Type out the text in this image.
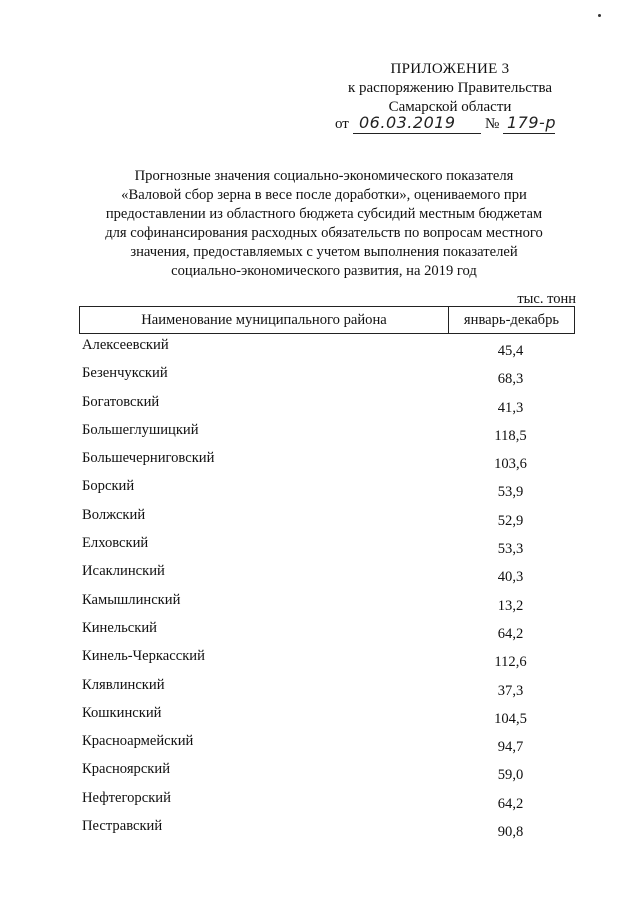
ПРИЛОЖЕНИЕ 3
к распоряжению Правительства
Самарской области
от 06.03.2019 № 179-р
Прогнозные значения социально-экономического показателя
«Валовой сбор зерна в весе после доработки», оцениваемого при
предоставлении из областного бюджета субсидий местным бюджетам
для софинансирования расходных обязательств по вопросам местного
значения, предоставляемых с учетом выполнения показателей
социально-экономического развития, на 2019 год
тыс. тонн
Наименование муниципального района	январь-декабрь
Алексеевский	45,4
Безенчукский	68,3
Богатовский	41,3
Большеглушицкий	118,5
Большечерниговский	103,6
Борский	53,9
Волжский	52,9
Елховский	53,3
Исаклинский	40,3
Камышлинский	13,2
Кинельский	64,2
Кинель-Черкасский	112,6
Клявлинский	37,3
Кошкинский	104,5
Красноармейский	94,7
Красноярский	59,0
Нефтегорский	64,2
Пестравский	90,8
